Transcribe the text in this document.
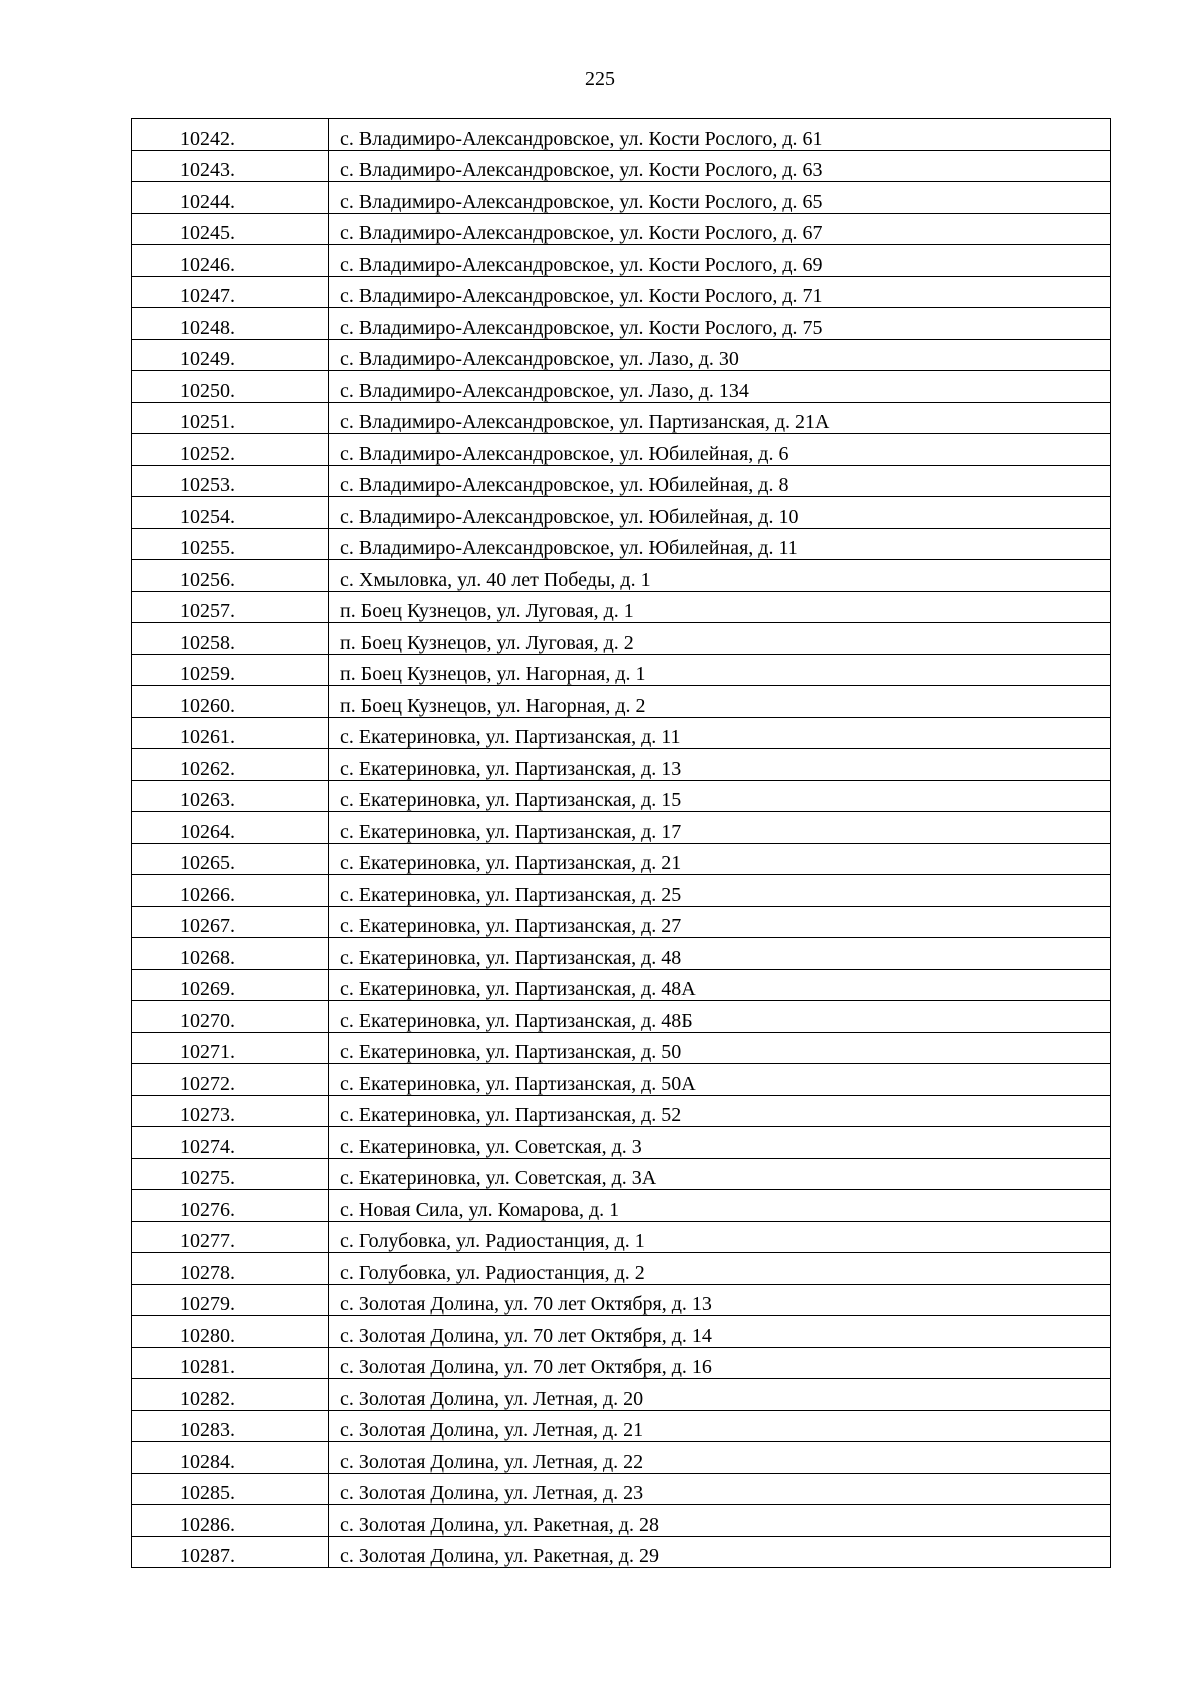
225
10242.	с. Владимиро-Александровское, ул. Кости Рослого, д. 61
10243.	с. Владимиро-Александровское, ул. Кости Рослого, д. 63
10244.	с. Владимиро-Александровское, ул. Кости Рослого, д. 65
10245.	с. Владимиро-Александровское, ул. Кости Рослого, д. 67
10246.	с. Владимиро-Александровское, ул. Кости Рослого, д. 69
10247.	с. Владимиро-Александровское, ул. Кости Рослого, д. 71
10248.	с. Владимиро-Александровское, ул. Кости Рослого, д. 75
10249.	с. Владимиро-Александровское, ул. Лазо, д. 30
10250.	с. Владимиро-Александровское, ул. Лазо, д. 134
10251.	с. Владимиро-Александровское, ул. Партизанская, д. 21А
10252.	с. Владимиро-Александровское, ул. Юбилейная, д. 6
10253.	с. Владимиро-Александровское, ул. Юбилейная, д. 8
10254.	с. Владимиро-Александровское, ул. Юбилейная, д. 10
10255.	с. Владимиро-Александровское, ул. Юбилейная, д. 11
10256.	с. Хмыловка, ул. 40 лет Победы, д. 1
10257.	п. Боец Кузнецов, ул. Луговая, д. 1
10258.	п. Боец Кузнецов, ул. Луговая, д. 2
10259.	п. Боец Кузнецов, ул. Нагорная, д. 1
10260.	п. Боец Кузнецов, ул. Нагорная, д. 2
10261.	с. Екатериновка, ул. Партизанская, д. 11
10262.	с. Екатериновка, ул. Партизанская, д. 13
10263.	с. Екатериновка, ул. Партизанская, д. 15
10264.	с. Екатериновка, ул. Партизанская, д. 17
10265.	с. Екатериновка, ул. Партизанская, д. 21
10266.	с. Екатериновка, ул. Партизанская, д. 25
10267.	с. Екатериновка, ул. Партизанская, д. 27
10268.	с. Екатериновка, ул. Партизанская, д. 48
10269.	с. Екатериновка, ул. Партизанская, д. 48А
10270.	с. Екатериновка, ул. Партизанская, д. 48Б
10271.	с. Екатериновка, ул. Партизанская, д. 50
10272.	с. Екатериновка, ул. Партизанская, д. 50А
10273.	с. Екатериновка, ул. Партизанская, д. 52
10274.	с. Екатериновка, ул. Советская, д. 3
10275.	с. Екатериновка, ул. Советская, д. 3А
10276.	с. Новая Сила, ул. Комарова, д. 1
10277.	с. Голубовка, ул. Радиостанция, д. 1
10278.	с. Голубовка, ул. Радиостанция, д. 2
10279.	с. Золотая Долина, ул. 70 лет Октября, д. 13
10280.	с. Золотая Долина, ул. 70 лет Октября, д. 14
10281.	с. Золотая Долина, ул. 70 лет Октября, д. 16
10282.	с. Золотая Долина, ул. Летная, д. 20
10283.	с. Золотая Долина, ул. Летная, д. 21
10284.	с. Золотая Долина, ул. Летная, д. 22
10285.	с. Золотая Долина, ул. Летная, д. 23
10286.	с. Золотая Долина, ул. Ракетная, д. 28
10287.	с. Золотая Долина, ул. Ракетная, д. 29
